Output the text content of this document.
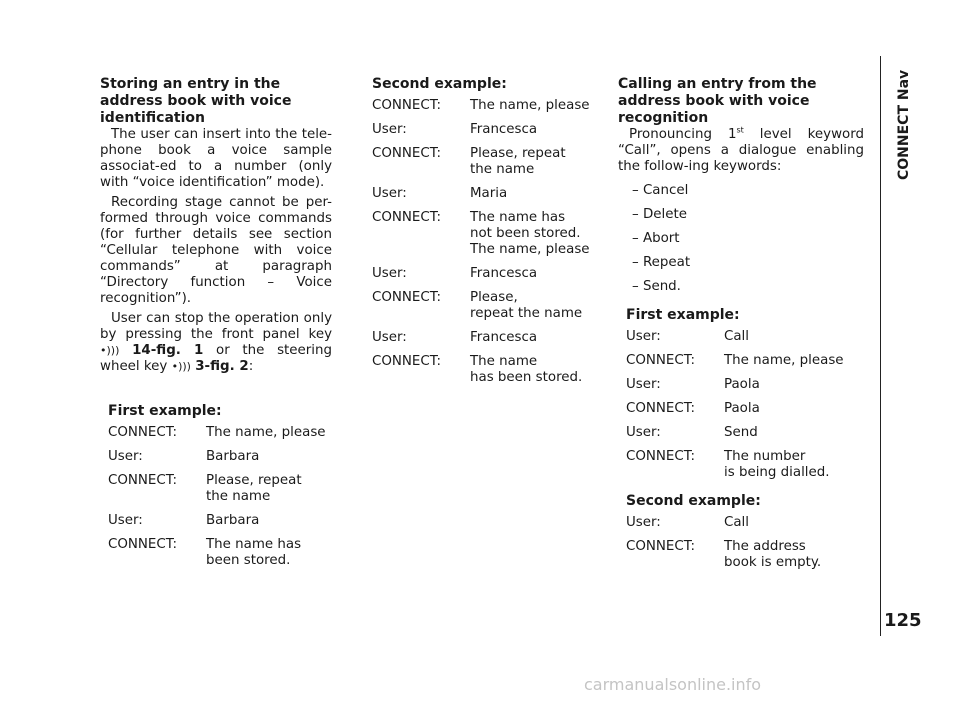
Storing an entry in the address book with voice identification

The user can insert into the tele-phone book a voice sample associat-ed to a number (only with “voice identification” mode).

Recording stage cannot be per-formed through voice commands (for further details see section “Cellular telephone with voice commands” at paragraph “Directory function – Voice recognition”).

User can stop the operation only by pressing the front panel key •))) 14-fig. 1 or the steering wheel key •))) 3-fig. 2:

First example:
CONNECT:	The name, please
User:	Barbara
CONNECT:	Please, repeat
the name
User:	Barbara
CONNECT:	The name has
been stored.
Second example:
CONNECT:	The name, please
User:	Francesca
CONNECT:	Please, repeat
the name
User:	Maria
CONNECT:	The name has
not been stored.
The name, please
User:	Francesca
CONNECT:	Please,
repeat the name
User:	Francesca
CONNECT:	The name
has been stored.
Calling an entry from the address book with voice recognition

Pronouncing 1st level keyword “Call”, opens a dialogue enabling the follow-ing keywords:

– Cancel
– Delete
– Abort
– Repeat
– Send.
First example:
User:	Call
CONNECT:	The name, please
User:	Paola
CONNECT:	Paola
User:	Send
CONNECT:	The number
is being dialled.
Second example:
User:	Call
CONNECT:	The address
book is empty.
CONNECT Nav
125
carmanualsonline.info
